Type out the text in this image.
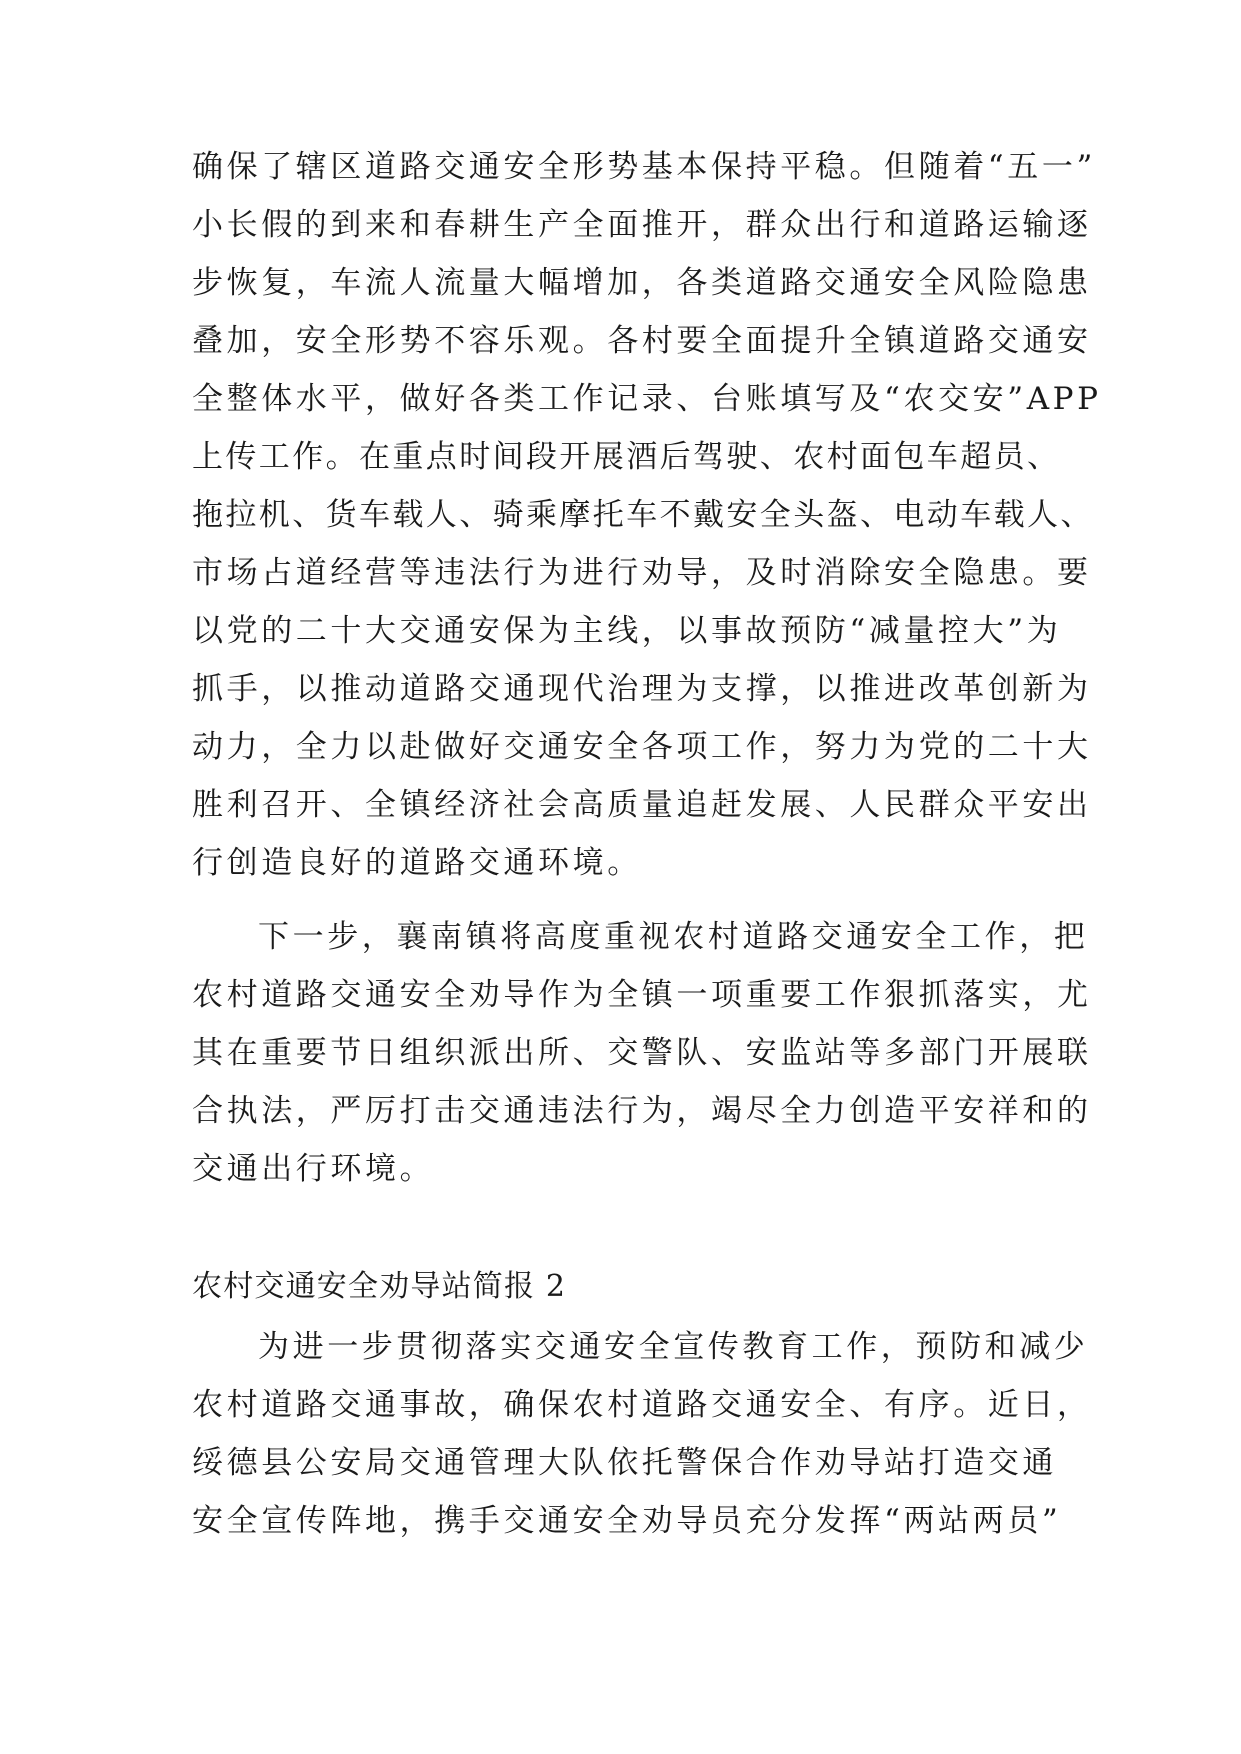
确保了辖区道路交通安全形势基本保持平稳。但随着“五一”
小长假的到来和春耕生产全面推开，群众出行和道路运输逐
步恢复，车流人流量大幅增加，各类道路交通安全风险隐患
叠加，安全形势不容乐观。各村要全面提升全镇道路交通安
全整体水平，做好各类工作记录、台账填写及“农交安”APP
上传工作。在重点时间段开展酒后驾驶、农村面包车超员、
拖拉机、货车载人、骑乘摩托车不戴安全头盔、电动车载人、
市场占道经营等违法行为进行劝导，及时消除安全隐患。要
以党的二十大交通安保为主线，以事故预防“减量控大”为
抓手，以推动道路交通现代治理为支撑，以推进改革创新为
动力，全力以赴做好交通安全各项工作，努力为党的二十大
胜利召开、全镇经济社会高质量追赶发展、人民群众平安出
行创造良好的道路交通环境。
下一步，襄南镇将高度重视农村道路交通安全工作，把
农村道路交通安全劝导作为全镇一项重要工作狠抓落实，尤
其在重要节日组织派出所、交警队、安监站等多部门开展联
合执法，严厉打击交通违法行为，竭尽全力创造平安祥和的
交通出行环境。
农村交通安全劝导站简报 2
为进一步贯彻落实交通安全宣传教育工作，预防和减少
农村道路交通事故，确保农村道路交通安全、有序。近日，
绥德县公安局交通管理大队依托警保合作劝导站打造交通
安全宣传阵地，携手交通安全劝导员充分发挥“两站两员”
